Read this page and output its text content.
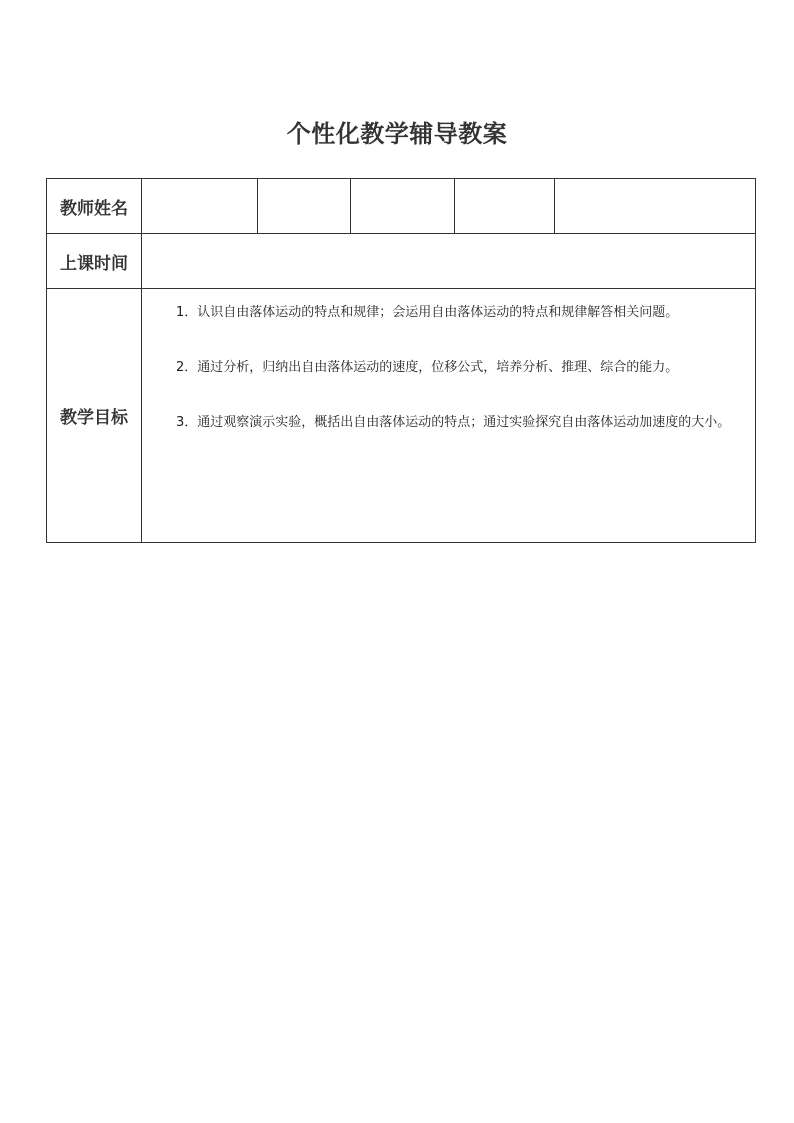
个性化教学辅导教案
教师姓名					
上课时间					
教学目标	1．认识自由落体运动的特点和规律；会运用自由落体运动的特点和规律解答相关问题。

2．通过分析，归纳出自由落体运动的速度，位移公式，培养分析、推理、综合的能力。

3．通过观察演示实验，概括出自由落体运动的特点；通过实验探究自由落体运动加速度的大小。				
